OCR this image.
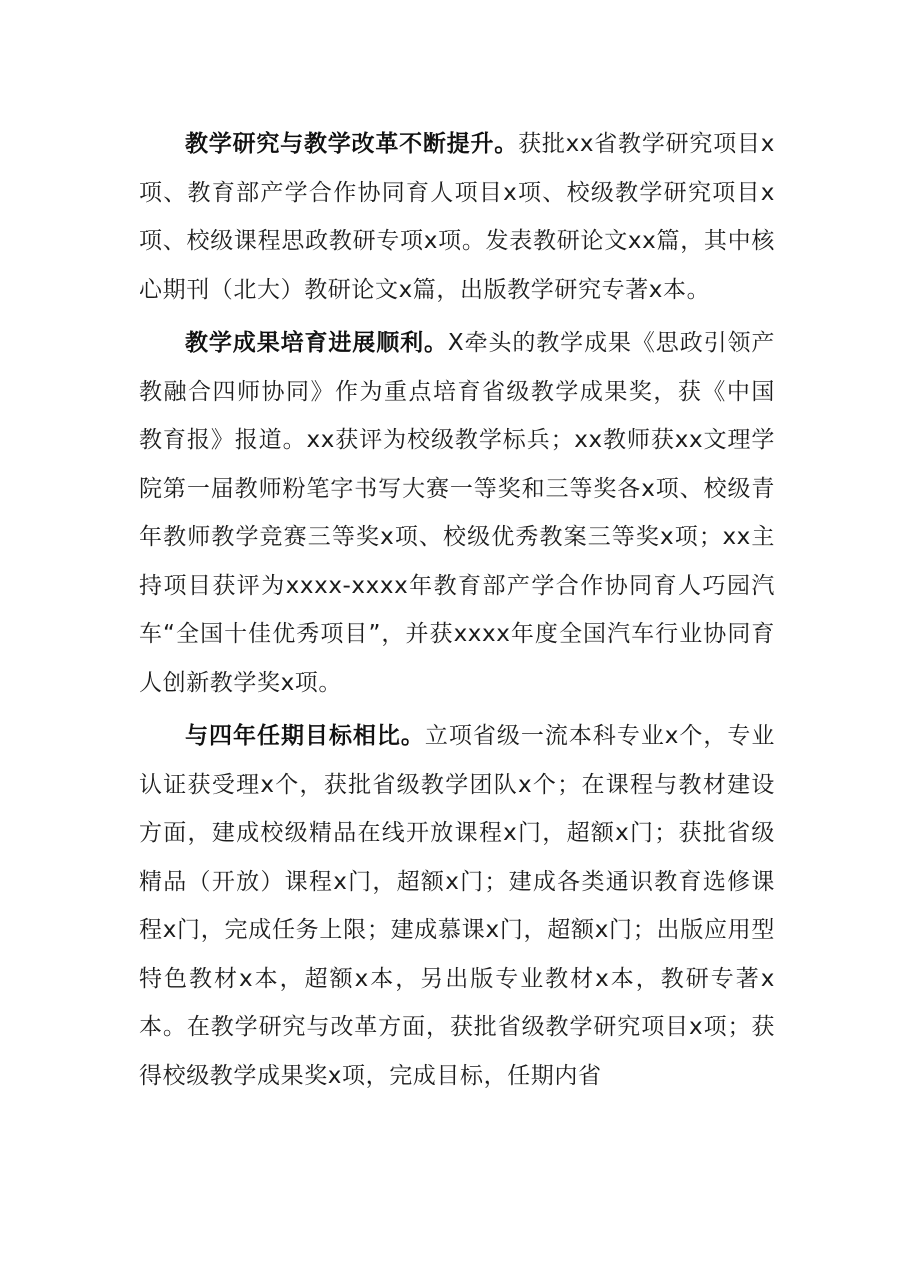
教学研究与教学改革不断提升。获批xx省教学研究项目x项、教育部产学合作协同育人项目x项、校级教学研究项目x项、校级课程思政教研专项x项。发表教研论文xx篇，其中核心期刊（北大）教研论文x篇，出版教学研究专著x本。

教学成果培育进展顺利。X牵头的教学成果《思政引领产教融合四师协同》作为重点培育省级教学成果奖，获《中国教育报》报道。xx获评为校级教学标兵；xx教师获xx文理学院第一届教师粉笔字书写大赛一等奖和三等奖各x项、校级青年教师教学竞赛三等奖x项、校级优秀教案三等奖x项；xx主持项目获评为xxxx-xxxx年教育部产学合作协同育人巧园汽车“全国十佳优秀项目”，并获xxxx年度全国汽车行业协同育人创新教学奖x项。

与四年任期目标相比。立项省级一流本科专业x个，专业认证获受理x个，获批省级教学团队x个；在课程与教材建设方面，建成校级精品在线开放课程x门，超额x门；获批省级精品（开放）课程x门，超额x门；建成各类通识教育选修课程x门，完成任务上限；建成慕课x门，超额x门；出版应用型特色教材x本，超额x本，另出版专业教材x本，教研专著x本。在教学研究与改革方面，获批省级教学研究项目x项；获得校级教学成果奖x项，完成目标，任期内省
